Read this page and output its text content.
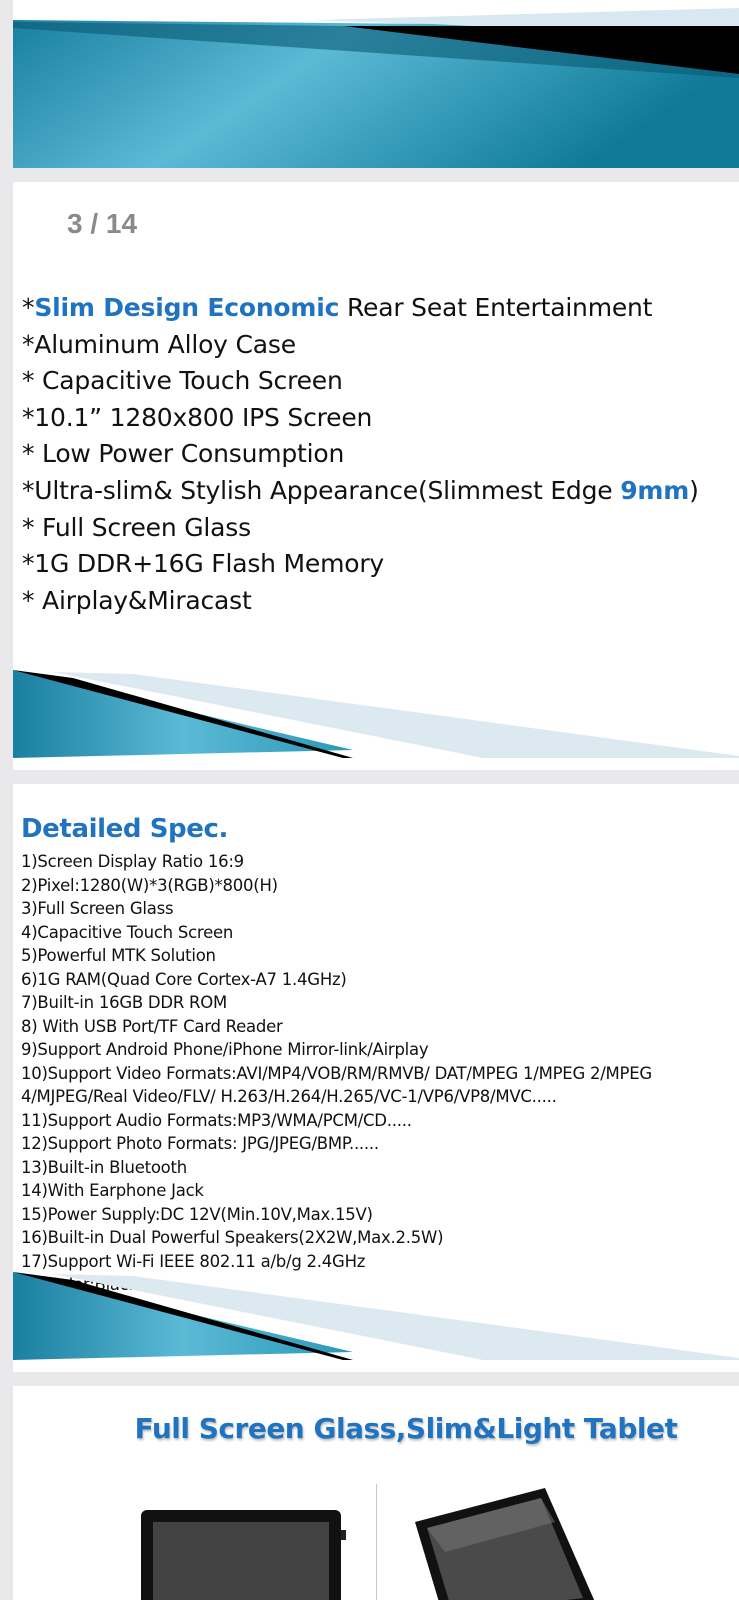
3 / 14
*Slim Design Economic Rear Seat Entertainment
*Aluminum Alloy Case
* Capacitive Touch Screen
*10.1” 1280x800 IPS Screen
* Low Power Consumption
*Ultra-slim& Stylish Appearance(Slimmest Edge 9mm)
* Full Screen Glass
*1G DDR+16G Flash Memory
* Airplay&Miracast
Detailed Spec.
1)Screen Display Ratio 16:9
2)Pixel:1280(W)*3(RGB)*800(H)
3)Full Screen Glass
4)Capacitive Touch Screen
5)Powerful MTK Solution
6)1G RAM(Quad Core Cortex-A7 1.4GHz)
7)Built-in 16GB DDR ROM
8) With USB Port/TF Card Reader
9)Support Android Phone/iPhone Mirror-link/Airplay
10)Support Video Formats:AVI/MP4/VOB/RM/RMVB/ DAT/MPEG 1/MPEG 2/MPEG 4/MJPEG/Real Video/FLV/ H.263/H.264/H.265/VC-1/VP6/VP8/MVC.....
11)Support Audio Formats:MP3/WMA/PCM/CD.....
12)Support Photo Formats: JPG/JPEG/BMP......
13)Built-in Bluetooth
14)With Earphone Jack
15)Power Supply:DC 12V(Min.10V,Max.15V)
16)Built-in Dual Powerful Speakers(2X2W,Max.2.5W)
17)Support Wi-Fi IEEE 802.11 a/b/g 2.4GHz
Full Screen Glass,Slim&Light Tablet
